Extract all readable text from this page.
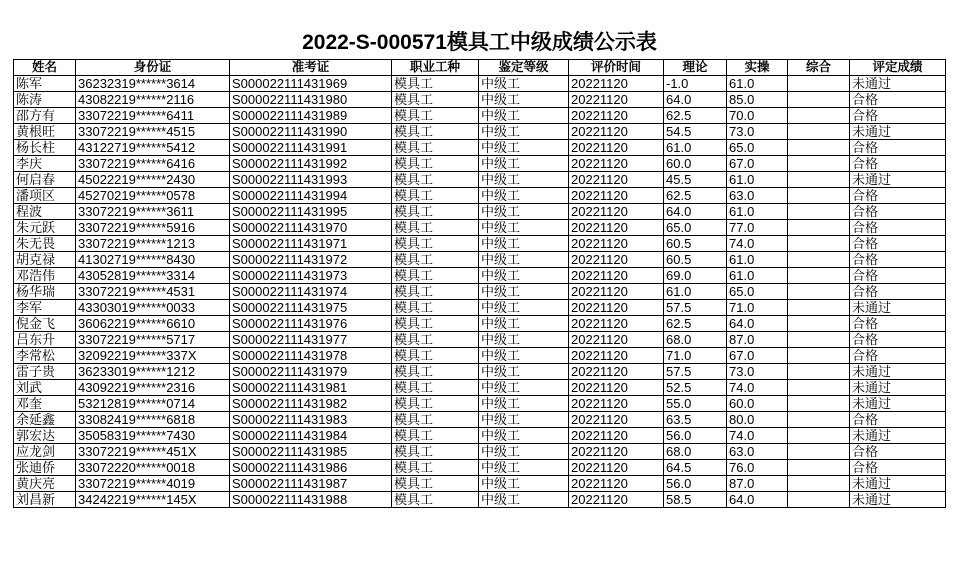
2022-S-000571模具工中级成绩公示表
姓名	身份证	准考证	职业工种	鉴定等级	评价时间	理论	实操	综合	评定成绩
陈军	36232319******3614	S000022111431969	模具工	中级工	20221120	-1.0	61.0		未通过
陈涛	43082219******2116	S000022111431980	模具工	中级工	20221120	64.0	85.0		合格
邵方有	33072219******6411	S000022111431989	模具工	中级工	20221120	62.5	70.0		合格
黄根旺	33072219******4515	S000022111431990	模具工	中级工	20221120	54.5	73.0		未通过
杨长柱	43122719******5412	S000022111431991	模具工	中级工	20221120	61.0	65.0		合格
李庆	33072219******6416	S000022111431992	模具工	中级工	20221120	60.0	67.0		合格
何启春	45022219******2430	S000022111431993	模具工	中级工	20221120	45.5	61.0		未通过
潘项区	45270219******0578	S000022111431994	模具工	中级工	20221120	62.5	63.0		合格
程波	33072219******3611	S000022111431995	模具工	中级工	20221120	64.0	61.0		合格
朱元跃	33072219******5916	S000022111431970	模具工	中级工	20221120	65.0	77.0		合格
朱无畏	33072219******1213	S000022111431971	模具工	中级工	20221120	60.5	74.0		合格
胡克禄	41302719******8430	S000022111431972	模具工	中级工	20221120	60.5	61.0		合格
邓浩伟	43052819******3314	S000022111431973	模具工	中级工	20221120	69.0	61.0		合格
杨华瑞	33072219******4531	S000022111431974	模具工	中级工	20221120	61.0	65.0		合格
李军	43303019******0033	S000022111431975	模具工	中级工	20221120	57.5	71.0		未通过
倪金飞	36062219******6610	S000022111431976	模具工	中级工	20221120	62.5	64.0		合格
吕东升	33072219******5717	S000022111431977	模具工	中级工	20221120	68.0	87.0		合格
李常松	32092219******337X	S000022111431978	模具工	中级工	20221120	71.0	67.0		合格
雷子贵	36233019******1212	S000022111431979	模具工	中级工	20221120	57.5	73.0		未通过
刘武	43092219******2316	S000022111431981	模具工	中级工	20221120	52.5	74.0		未通过
邓奎	53212819******0714	S000022111431982	模具工	中级工	20221120	55.0	60.0		未通过
余延鑫	33082419******6818	S000022111431983	模具工	中级工	20221120	63.5	80.0		合格
郭宏达	35058319******7430	S000022111431984	模具工	中级工	20221120	56.0	74.0		未通过
应龙剑	33072219******451X	S000022111431985	模具工	中级工	20221120	68.0	63.0		合格
张迪侨	33072220******0018	S000022111431986	模具工	中级工	20221120	64.5	76.0		合格
黄庆亮	33072219******4019	S000022111431987	模具工	中级工	20221120	56.0	87.0		未通过
刘昌新	34242219******145X	S000022111431988	模具工	中级工	20221120	58.5	64.0		未通过
